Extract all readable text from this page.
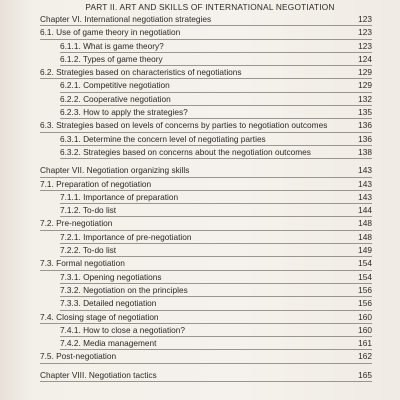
PART II. ART AND SKILLS OF INTERNATIONAL NEGOTIATION
Chapter VI. International negotiation strategies	123
6.1. Use of game theory in negotiation	123
6.1.1. What is game theory?	123
6.1.2. Types of game theory	124
6.2. Strategies based on characteristics of negotiations	129
6.2.1. Competitive negotiation	129
6.2.2. Cooperative negotiation	132
6.2.3. How to apply the strategies?	135
6.3. Strategies based on levels of concerns by parties to negotiation outcomes	136
6.3.1. Determine the concern level of negotiating parties	136
6.3.2. Strategies based on concerns about the negotiation outcomes	138
Chapter VII. Negotiation organizing skills	143
7.1. Preparation of negotiation	143
7.1.1. Importance of preparation	143
7.1.2. To-do list	144
7.2. Pre-negotiation	148
7.2.1. Importance of pre-negotiation	148
7.2.2. To-do list	149
7.3. Formal negotiation	154
7.3.1. Opening negotiations	154
7.3.2. Negotiation on the principles	156
7.3.3. Detailed negotiation	156
7.4. Closing stage of negotiation	160
7.4.1. How to close a negotiation?	160
7.4.2. Media management	161
7.5. Post-negotiation	162
Chapter VIII. Negotiation tactics	165
